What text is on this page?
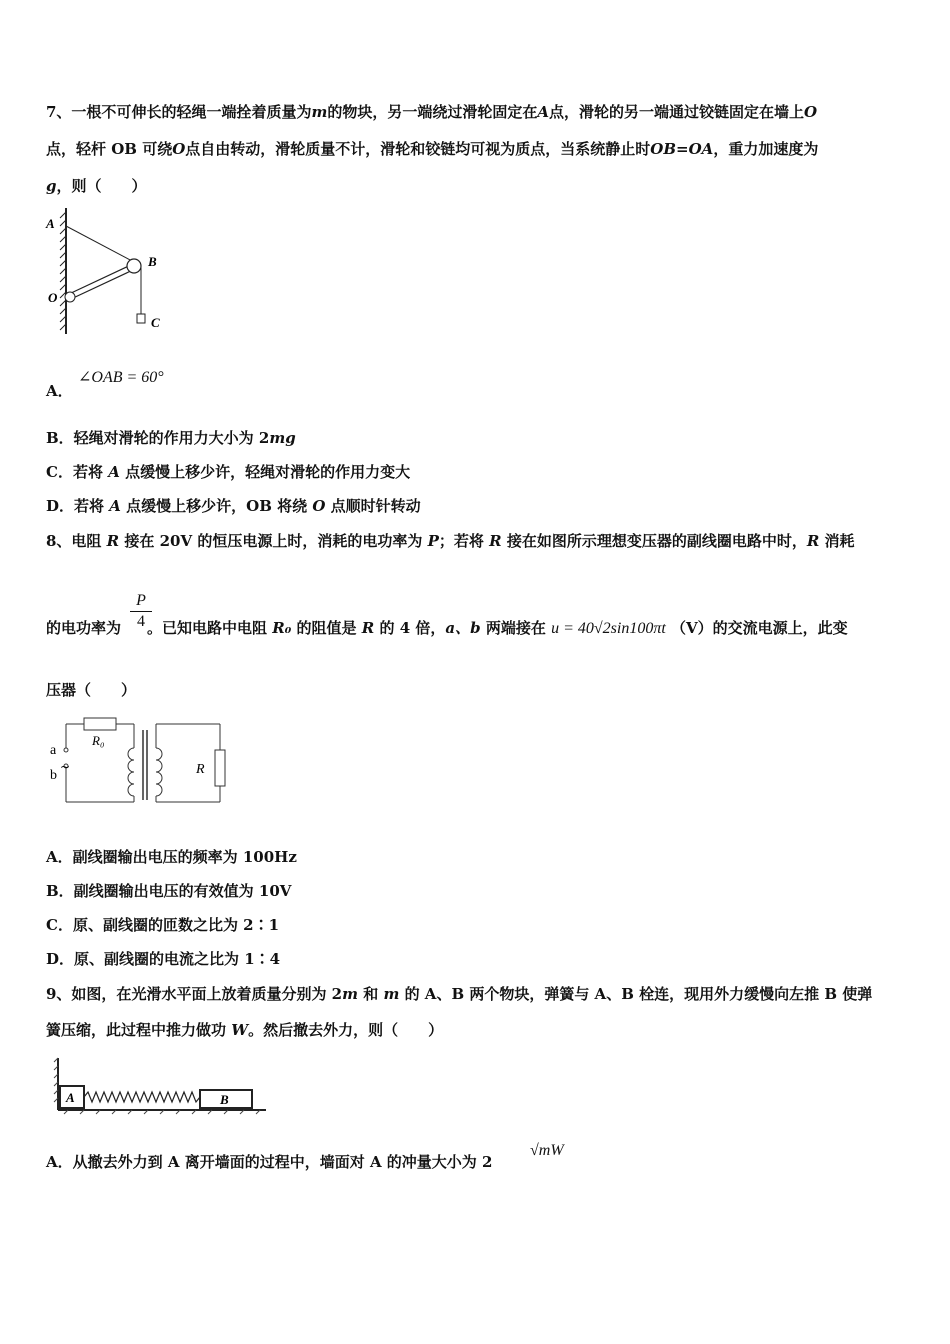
7、一根不可伸长的轻绳一端拴着质量为m的物块，另一端绕过滑轮固定在A点，滑轮的另一端通过铰链固定在墙上O
点，轻杆 OB 可绕O点自由转动，滑轮质量不计，滑轮和铰链均可视为质点，当系统静止时OB=OA，重力加速度为
g，则（　　）
A
B
O
C
A．
∠OAB = 60°
B．轻绳对滑轮的作用力大小为 2mg
C．若将 A 点缓慢上移少许，轻绳对滑轮的作用力变大
D．若将 A 点缓慢上移少许，OB 将绕 O 点顺时针转动
8、电阻 R 接在 20V 的恒压电源上时，消耗的电功率为 P；若将 R 接在如图所示理想变压器的副线圈电路中时，R 消耗
P
4
的电功率为 。已知电路中电阻 R₀ 的阻值是 R 的 4 倍，a、b 两端接在 u = 40√2sin100πt （V）的交流电源上，此变
压器（　　）
a
b
~
R₀
R
A．副线圈输出电压的频率为 100Hz
B．副线圈输出电压的有效值为 10V
C．原、副线圈的匝数之比为 2∶1
D．原、副线圈的电流之比为 1∶4
9、如图，在光滑水平面上放着质量分别为 2m 和 m 的 A、B 两个物块，弹簧与 A、B 栓连，现用外力缓慢向左推 B 使弹
簧压缩，此过程中推力做功 W。然后撤去外力，则（　　）
A	B
A．从撤去外力到 A 离开墙面的过程中，墙面对 A 的冲量大小为 2
√mW
